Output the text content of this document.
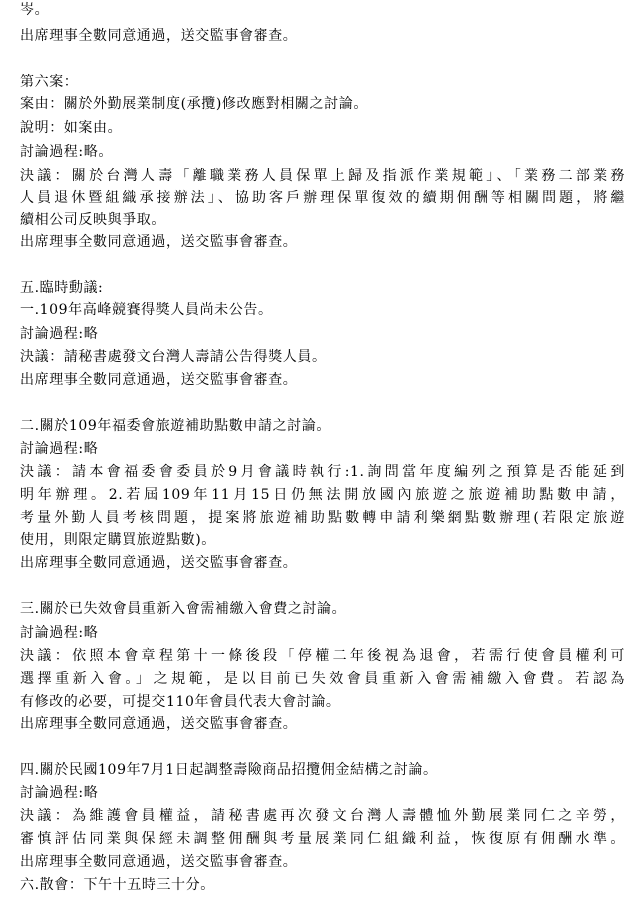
岑。
出席理事全數同意通過，送交監事會審查。
第六案：
案由：關於外勤展業制度(承攬)修改應對相關之討論。
說明：如案由。
討論過程:略。
決議：關於台灣人壽「離職業務人員保單上歸及指派作業規範」、「業務二部業務
人員退休暨組織承接辦法」、協助客戶辦理保單復效的續期佣酬等相關問題，將繼
續相公司反映與爭取。
出席理事全數同意通過，送交監事會審查。
五.臨時動議:
一.109年高峰競賽得獎人員尚未公告。
討論過程:略
決議：請秘書處發文台灣人壽請公告得獎人員。
出席理事全數同意通過，送交監事會審查。
二.關於109年福委會旅遊補助點數申請之討論。
討論過程:略
決議：請本會福委會委員於9月會議時執行:1.詢問當年度編列之預算是否能延到
明年辦理。2.若屆109年11月15日仍無法開放國內旅遊之旅遊補助點數申請，
考量外勤人員考核問題，提案將旅遊補助點數轉申請利樂網點數辦理(若限定旅遊
使用，則限定購買旅遊點數)。
出席理事全數同意通過，送交監事會審查。
三.關於已失效會員重新入會需補繳入會費之討論。
討論過程:略
決議：依照本會章程第十一條後段「停權二年後視為退會，若需行使會員權利可
選擇重新入會。」之規範，是以目前已失效會員重新入會需補繳入會費。若認為
有修改的必要，可提交110年會員代表大會討論。
出席理事全數同意通過，送交監事會審查。
四.關於民國109年7月1日起調整壽險商品招攬佣金結構之討論。
討論過程:略
決議：為維護會員權益，請秘書處再次發文台灣人壽體恤外勤展業同仁之辛勞，
審慎評估同業與保經未調整佣酬與考量展業同仁組織利益，恢復原有佣酬水準。
出席理事全數同意通過，送交監事會審查。
六.散會：下午十五時三十分。
